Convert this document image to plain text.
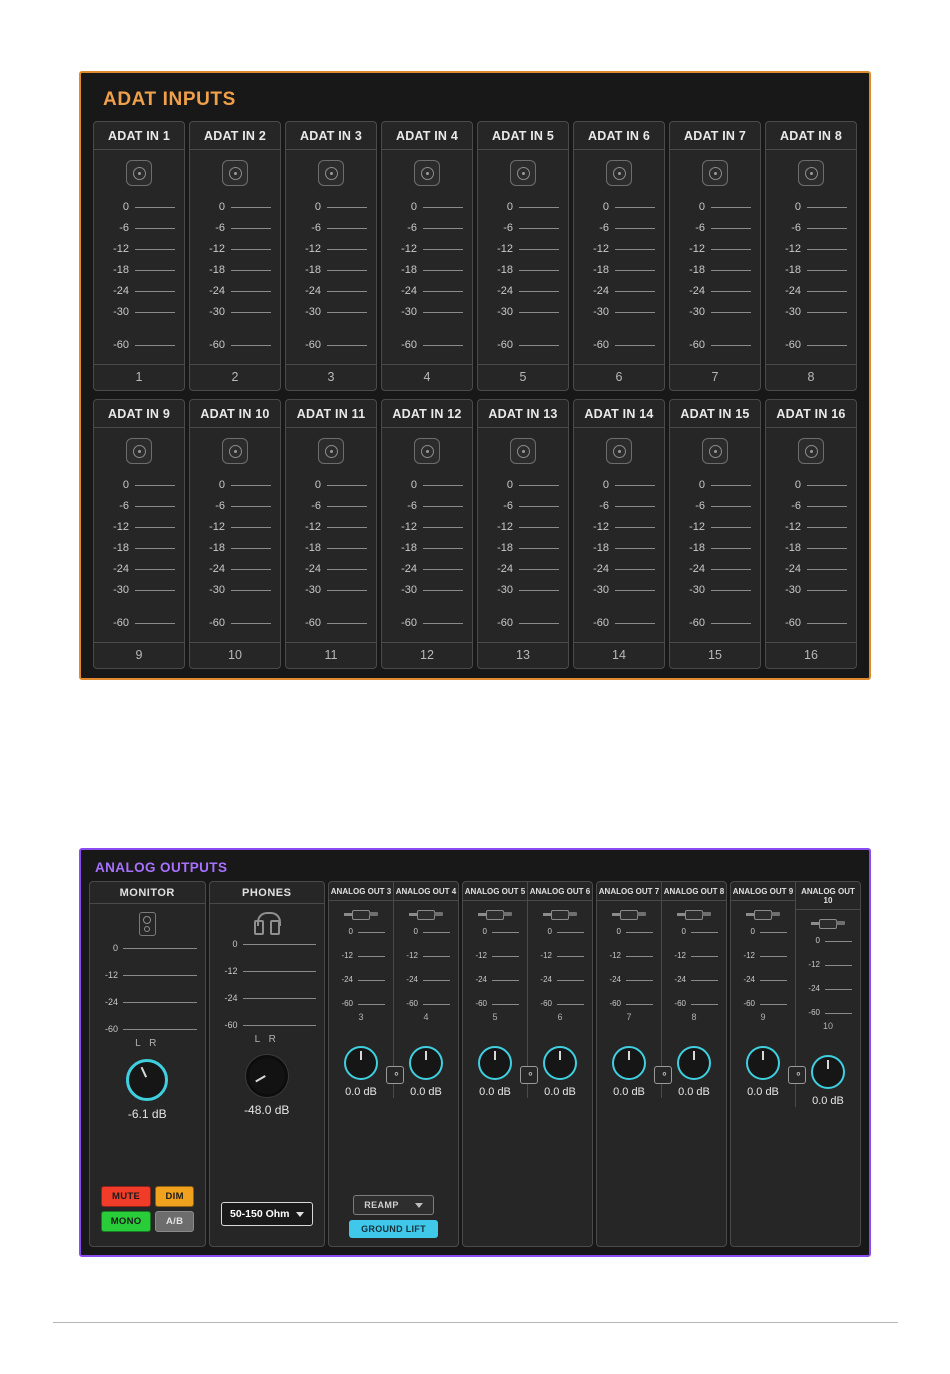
ADAT INPUTS
ADAT IN 1
0
-6
-12
-18
-24
-30
-60
1
ADAT IN 2
0
-6
-12
-18
-24
-30
-60
2
ADAT IN 3
0
-6
-12
-18
-24
-30
-60
3
ADAT IN 4
0
-6
-12
-18
-24
-30
-60
4
ADAT IN 5
0
-6
-12
-18
-24
-30
-60
5
ADAT IN 6
0
-6
-12
-18
-24
-30
-60
6
ADAT IN 7
0
-6
-12
-18
-24
-30
-60
7
ADAT IN 8
0
-6
-12
-18
-24
-30
-60
8
ADAT IN 9
0
-6
-12
-18
-24
-30
-60
9
ADAT IN 10
0
-6
-12
-18
-24
-30
-60
10
ADAT IN 11
0
-6
-12
-18
-24
-30
-60
11
ADAT IN 12
0
-6
-12
-18
-24
-30
-60
12
ADAT IN 13
0
-6
-12
-18
-24
-30
-60
13
ADAT IN 14
0
-6
-12
-18
-24
-30
-60
14
ADAT IN 15
0
-6
-12
-18
-24
-30
-60
15
ADAT IN 16
0
-6
-12
-18
-24
-30
-60
16
ANALOG OUTPUTS
MONITOR
0
-12
-24
-60
L R
-6.1 dB
MUTE	DIM
MONO	A/B
PHONES
0
-12
-24
-60
L R
-48.0 dB
50-150 Ohm
ANALOG OUT 3
0
-12
-24
-60
3
0.0 dB
ANALOG OUT 4
0
-12
-24
-60
4
0.0 dB
⚬
REAMP
GROUND LIFT
ANALOG OUT 5
0
-12
-24
-60
5
0.0 dB
ANALOG OUT 6
0
-12
-24
-60
6
0.0 dB
⚬
ANALOG OUT 7
0
-12
-24
-60
7
0.0 dB
ANALOG OUT 8
0
-12
-24
-60
8
0.0 dB
⚬
ANALOG OUT 9
0
-12
-24
-60
9
0.0 dB
ANALOG OUT 10
0
-12
-24
-60
10
0.0 dB
⚬
